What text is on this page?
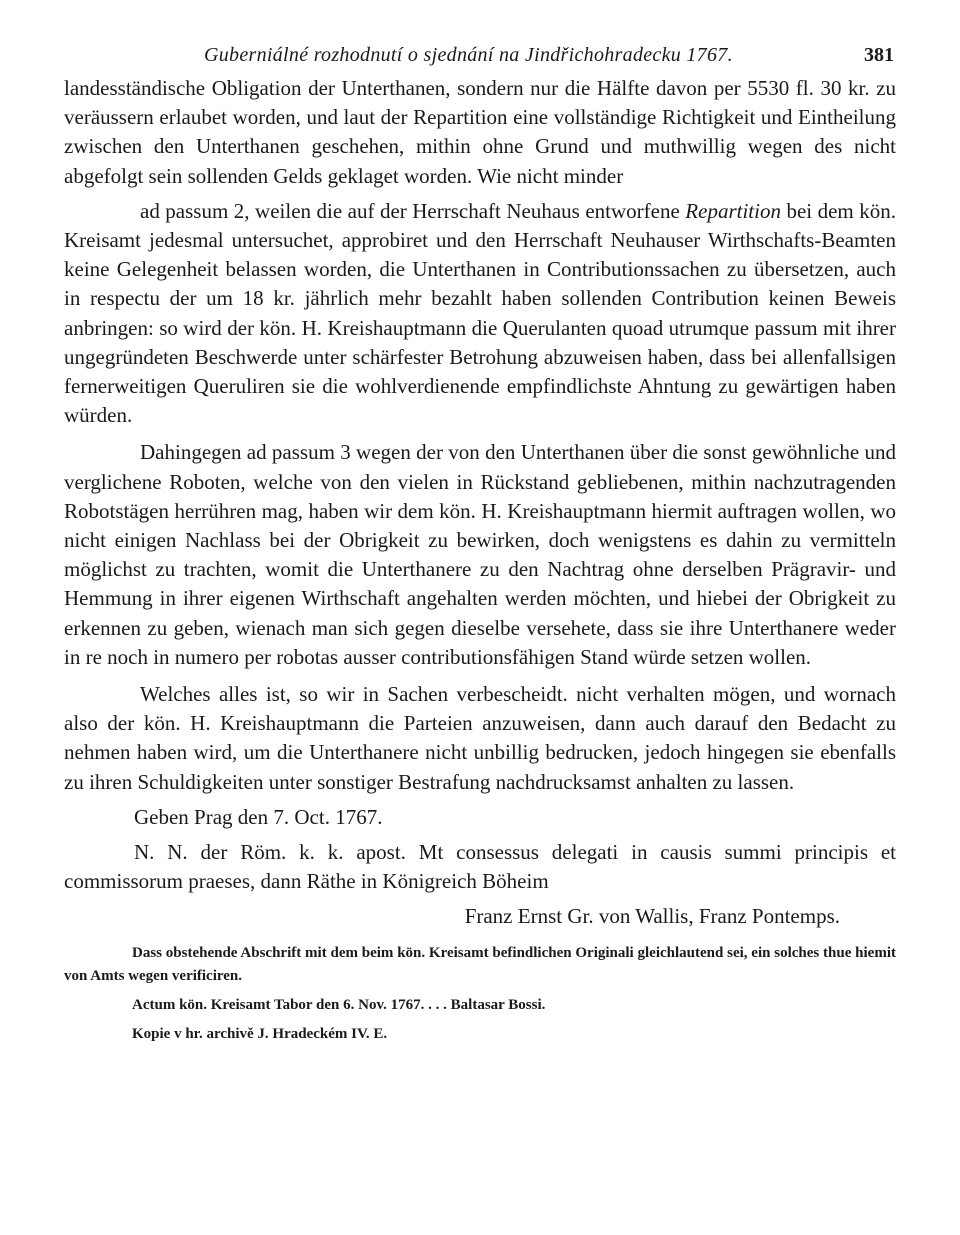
Guberniálné rozhodnutí o sjednání na Jindřichohradecku 1767.	381

landesständische Obligation der Unterthanen, sondern nur die Hälfte davon per 5530 fl. 30 kr. zu veräussern erlaubet worden, und laut der Repartition eine vollständige Richtigkeit und Eintheilung zwischen den Unterthanen geschehen, mithin ohne Grund und muthwillig wegen des nicht abgefolgt sein sollenden Gelds geklaget worden. Wie nicht minder

ad passum 2, weilen die auf der Herrschaft Neuhaus entworfene Repartition bei dem kön. Kreisamt jedesmal untersuchet, approbiret und den Herrschaft Neuhauser Wirthschafts-Beamten keine Gelegenheit belassen worden, die Unterthanen in Contributionssachen zu übersetzen, auch in respectu der um 18 kr. jährlich mehr bezahlt haben sollenden Contribution keinen Beweis anbringen: so wird der kön. H. Kreishauptmann die Querulanten quoad utrumque passum mit ihrer ungegründeten Beschwerde unter schärfester Betrohung abzuweisen haben, dass bei allenfallsigen fernerweitigen Queruliren sie die wohlverdienende empfindlichste Ahntung zu gewärtigen haben würden.

Dahingegen ad passum 3 wegen der von den Unterthanen über die sonst gewöhnliche und verglichene Roboten, welche von den vielen in Rückstand gebliebenen, mithin nachzutragenden Robotstägen herrühren mag, haben wir dem kön. H. Kreishauptmann hiermit auftragen wollen, wo nicht einigen Nachlass bei der Obrigkeit zu bewirken, doch wenigstens es dahin zu vermitteln möglichst zu trachten, womit die Unterthanere zu den Nachtrag ohne derselben Prägravir- und Hemmung in ihrer eigenen Wirthschaft angehalten werden möchten, und hiebei der Obrigkeit zu erkennen zu geben, wienach man sich gegen dieselbe versehete, dass sie ihre Unterthanere weder in re noch in numero per robotas ausser contributionsfähigen Stand würde setzen wollen.

Welches alles ist, so wir in Sachen verbescheidt. nicht verhalten mögen, und wornach also der kön. H. Kreishauptmann die Parteien anzuweisen, dann auch darauf den Bedacht zu nehmen haben wird, um die Unterthanere nicht unbillig bedrucken, jedoch hingegen sie ebenfalls zu ihren Schuldigkeiten unter sonstiger Bestrafung nachdrucksamst anhalten zu lassen.

Geben Prag den 7. Oct. 1767.

N. N. der Röm. k. k. apost. Mt consessus delegati in causis summi principis et commissorum praeses, dann Räthe in Königreich Böheim

Franz Ernst Gr. von Wallis, Franz Pontemps.

Dass obstehende Abschrift mit dem beim kön. Kreisamt befindlichen Originali gleichlautend sei, ein solches thue hiemit von Amts wegen verificiren.

Actum kön. Kreisamt Tabor den 6. Nov. 1767. . . . Baltasar Bossi.

Kopie v hr. archivě J. Hradeckém IV. E.
